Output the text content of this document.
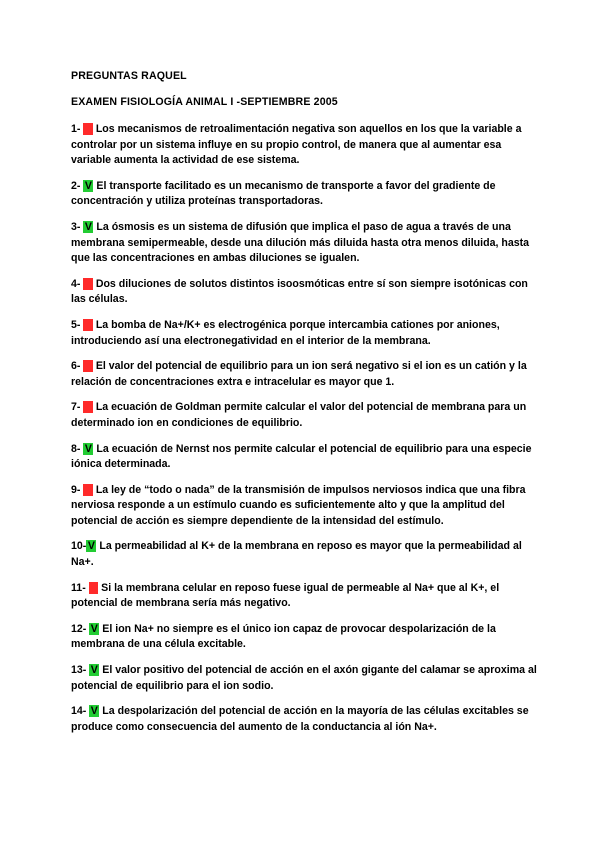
PREGUNTAS RAQUEL

EXAMEN FISIOLOGÍA ANIMAL I -SEPTIEMBRE 2005

1- F Los mecanismos de retroalimentación negativa son aquellos en los que la variable a controlar por un sistema influye en su propio control, de manera que al aumentar esa variable aumenta la actividad de ese sistema.
2- V El transporte facilitado es un mecanismo de transporte a favor del gradiente de concentración y utiliza proteínas transportadoras.
3- V La ósmosis es un sistema de difusión que implica el paso de agua a través de una membrana semipermeable, desde una dilución más diluida hasta otra menos diluida, hasta que las concentraciones en ambas diluciones se igualen.
4- F Dos diluciones de solutos distintos isoosmóticas entre sí son siempre isotónicas con las células.
5- F La bomba de Na+/K+ es electrogénica porque intercambia cationes por aniones, introduciendo así una electronegatividad en el interior de la membrana.
6- F El valor del potencial de equilibrio para un ion será negativo si el ion es un catión y la relación de concentraciones extra e intracelular es mayor que 1.
7- F La ecuación de Goldman permite calcular el valor del potencial de membrana para un determinado ion en condiciones de equilibrio.
8- V La ecuación de Nernst nos permite calcular el potencial de equilibrio para una especie iónica determinada.
9- F La ley de “todo o nada” de la transmisión de impulsos nerviosos indica que una fibra nerviosa responde a un estímulo cuando es suficientemente alto y que la amplitud del potencial de acción es siempre dependiente de la intensidad del estímulo.
10- V La permeabilidad al K+ de la membrana en reposo es mayor que la permeabilidad al Na+.
11- F Si la membrana celular en reposo fuese igual de permeable al Na+ que al K+, el potencial de membrana sería más negativo.
12- V El ion Na+ no siempre es el único ion capaz de provocar despolarización de la membrana de una célula excitable.
13- V El valor positivo del potencial de acción en el axón gigante del calamar se aproxima al potencial de equilibrio para el ion sodio.
14- V La despolarización del potencial de acción en la mayoría de las células excitables se produce como consecuencia del aumento de la conductancia al ión Na+.
